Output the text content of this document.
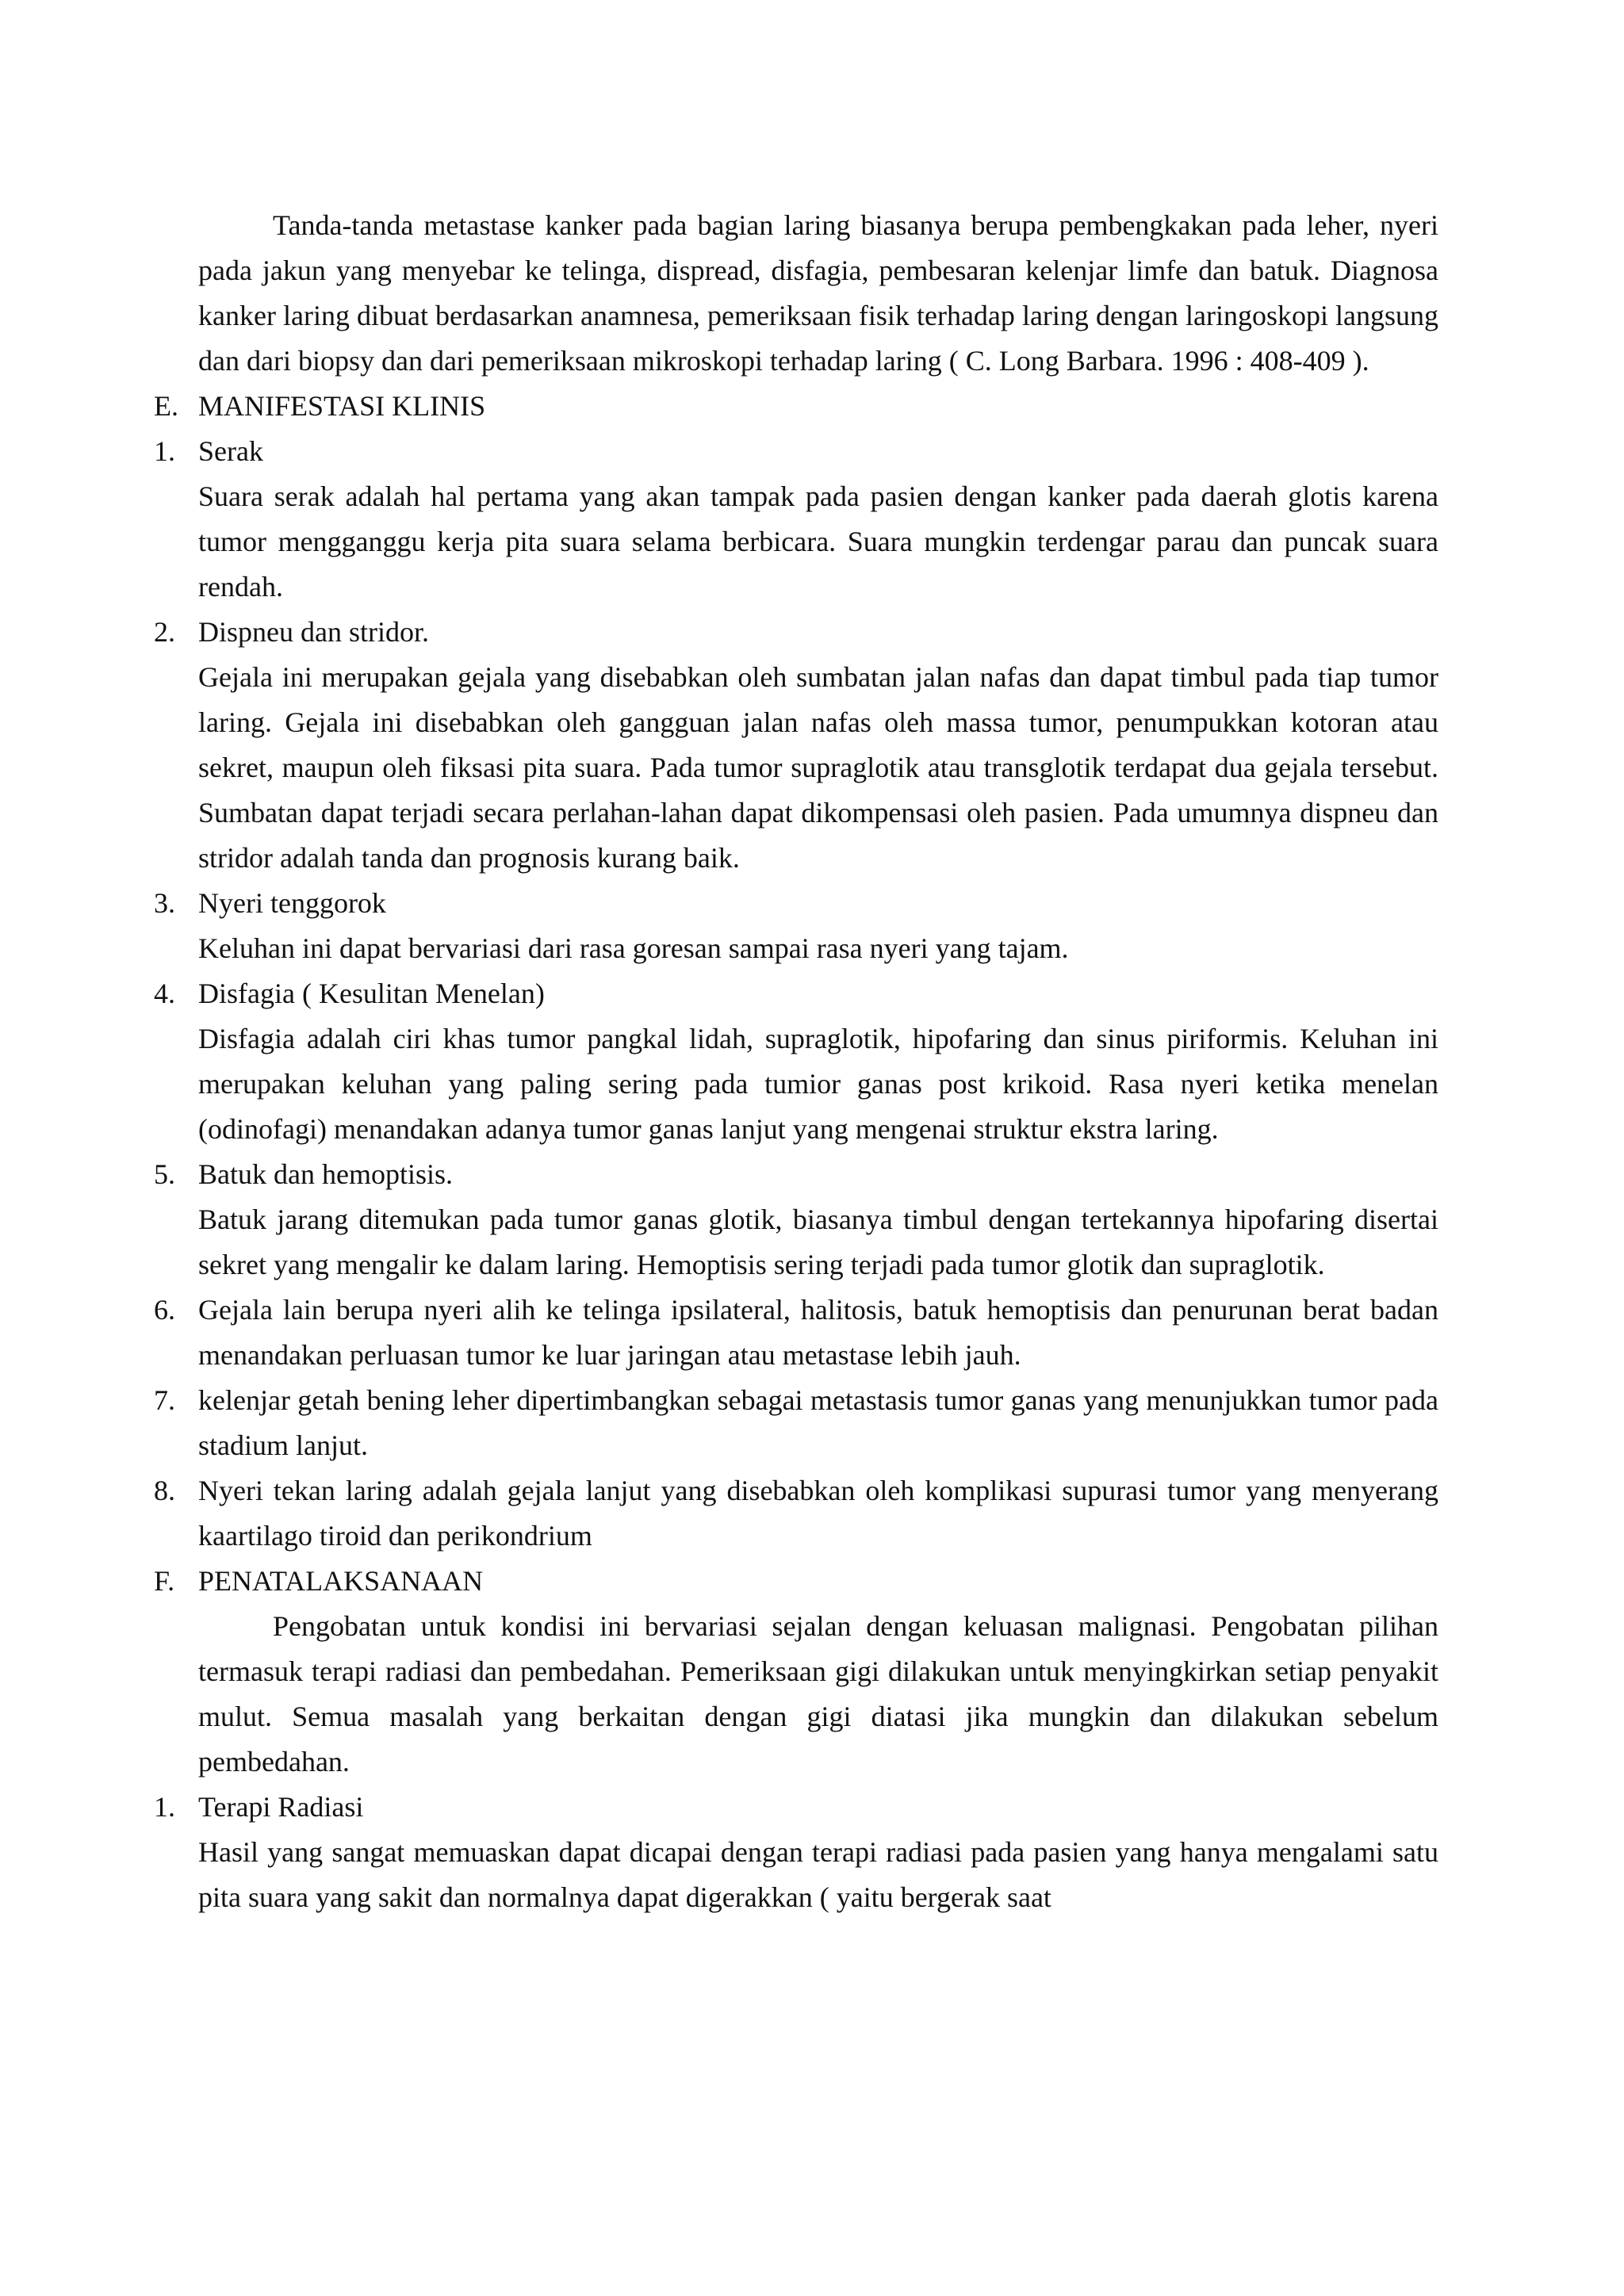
Tanda-tanda metastase kanker pada bagian laring biasanya berupa pembengkakan pada leher, nyeri pada jakun yang menyebar ke telinga, dispread, disfagia, pembesaran kelenjar limfe dan batuk. Diagnosa kanker laring dibuat berdasarkan anamnesa, pemeriksaan fisik terhadap laring dengan laringoskopi langsung dan dari biopsy dan dari pemeriksaan mikroskopi terhadap laring ( C. Long Barbara. 1996 : 408-409 ).

E. MANIFESTASI KLINIS
1. Serak

Suara serak adalah hal pertama yang akan tampak pada pasien dengan kanker pada daerah glotis karena tumor mengganggu kerja pita suara selama berbicara. Suara mungkin terdengar parau dan puncak suara rendah.

2. Dispneu dan stridor.

Gejala ini merupakan gejala yang disebabkan oleh sumbatan jalan nafas dan dapat timbul pada tiap tumor laring. Gejala ini disebabkan oleh gangguan jalan nafas oleh massa tumor, penumpukkan kotoran atau sekret, maupun oleh fiksasi pita suara. Pada tumor supraglotik atau transglotik terdapat dua gejala tersebut. Sumbatan dapat terjadi secara perlahan-lahan dapat dikompensasi oleh pasien. Pada umumnya dispneu dan stridor adalah tanda dan prognosis kurang baik.

3. Nyeri tenggorok

Keluhan ini dapat bervariasi dari rasa goresan sampai rasa nyeri yang tajam.

4. Disfagia ( Kesulitan Menelan)

Disfagia adalah ciri khas tumor pangkal lidah, supraglotik, hipofaring dan sinus piriformis. Keluhan ini merupakan keluhan yang paling sering pada tumior ganas post krikoid. Rasa nyeri ketika menelan (odinofagi) menandakan adanya tumor ganas lanjut yang mengenai struktur ekstra laring.

5. Batuk dan hemoptisis.

Batuk jarang ditemukan pada tumor ganas glotik, biasanya timbul dengan tertekannya hipofaring disertai sekret yang mengalir ke dalam laring. Hemoptisis sering terjadi pada tumor glotik dan supraglotik.

6. Gejala lain berupa nyeri alih ke telinga ipsilateral, halitosis, batuk hemoptisis dan penurunan berat badan menandakan perluasan tumor ke luar jaringan atau metastase lebih jauh.

7. kelenjar getah bening leher dipertimbangkan sebagai metastasis tumor ganas yang menunjukkan tumor pada stadium lanjut.

8. Nyeri tekan laring adalah gejala lanjut yang disebabkan oleh komplikasi supurasi tumor yang menyerang kaartilago tiroid dan perikondrium

F. PENATALAKSANAAN

Pengobatan untuk kondisi ini bervariasi sejalan dengan keluasan malignasi. Pengobatan pilihan termasuk terapi radiasi dan pembedahan. Pemeriksaan gigi dilakukan untuk menyingkirkan setiap penyakit mulut. Semua masalah yang berkaitan dengan gigi diatasi jika mungkin dan dilakukan sebelum pembedahan.

1. Terapi Radiasi

Hasil yang sangat memuaskan dapat dicapai dengan terapi radiasi pada pasien yang hanya mengalami satu pita suara yang sakit dan normalnya dapat digerakkan ( yaitu bergerak saat
